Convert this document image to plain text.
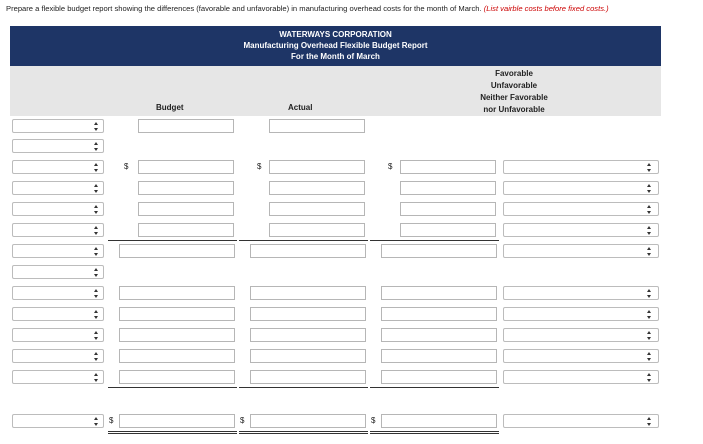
Prepare a flexible budget report showing the differences (favorable and unfavorable) in manufacturing overhead costs for the month of March. (List vairble costs before fixed costs.)
WATERWAYS CORPORATION
Manufacturing Overhead Flexible Budget Report
For the Month of March
Budget	Actual
Favorable
Unfavorable
Neither Favorable
nor Unfavorable
$	$	$
$	$	$
